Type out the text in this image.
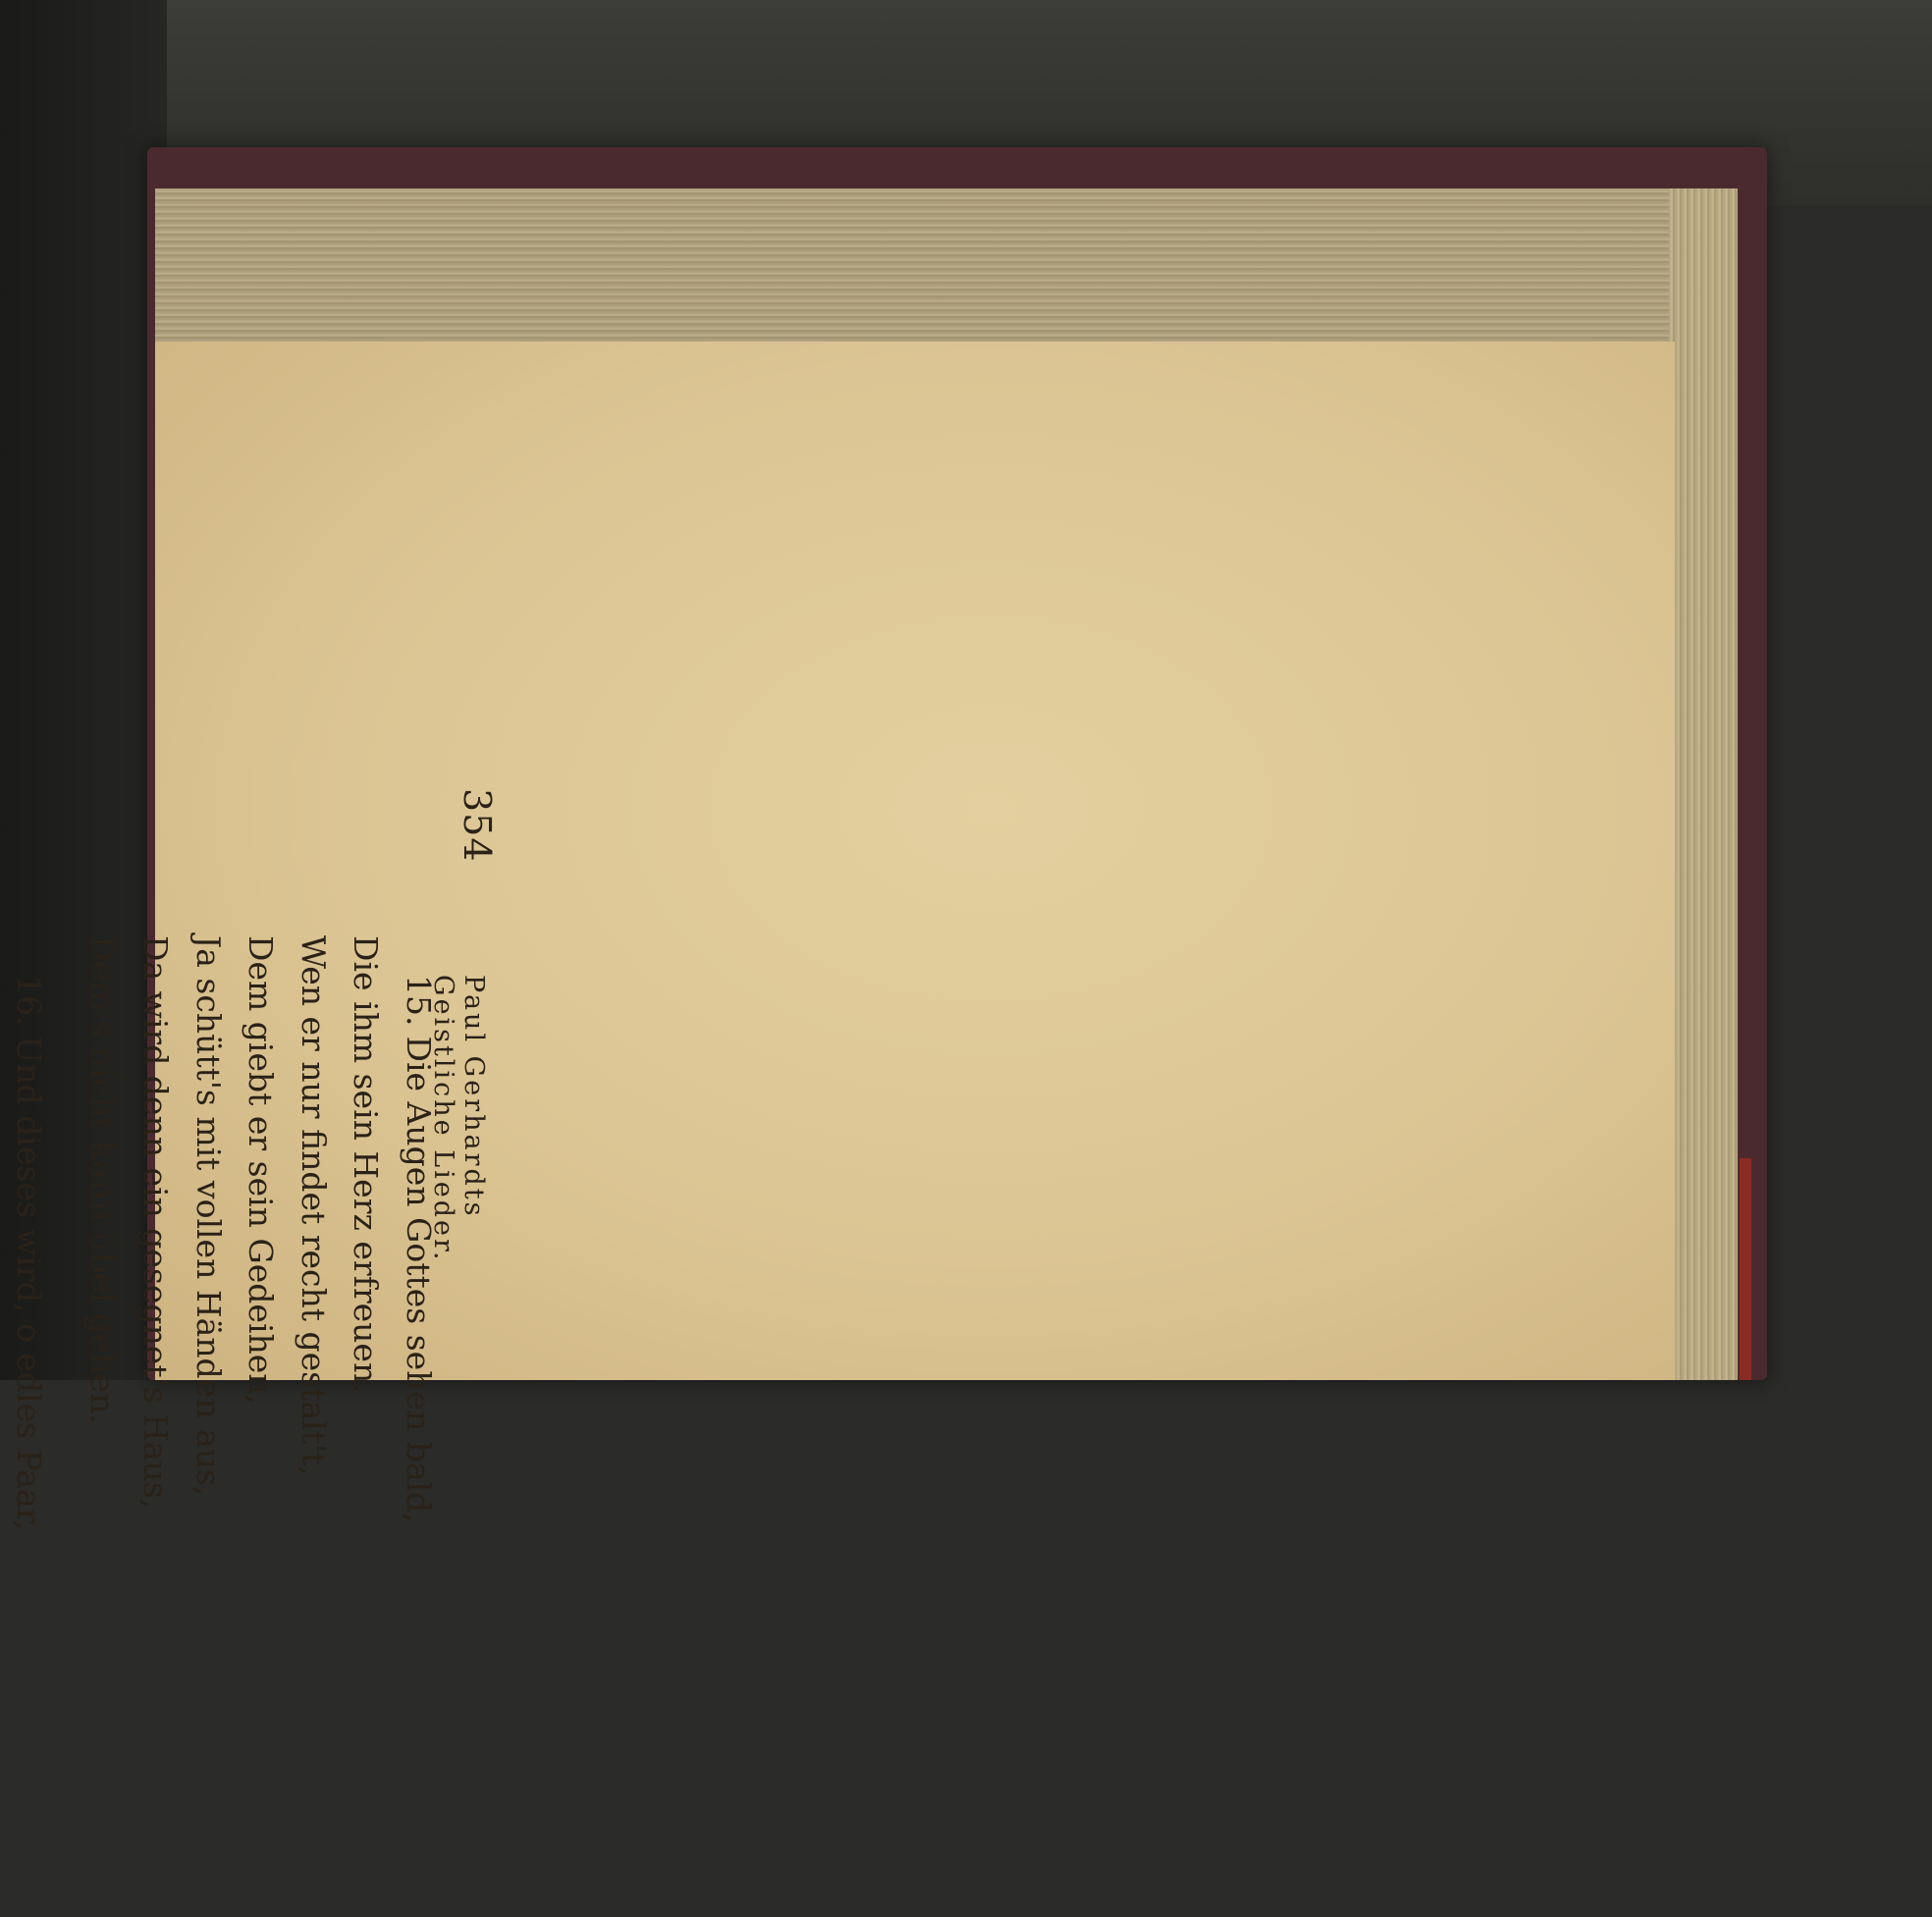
354
Paul Gerhardts Geistliche Lieder.
15.Die Augen Gottes sehen bald,
Die ihm sein Herz erfreuen.
Wen er nur findet recht gestalt't,
Dem giebt er sein Gedeihen,
Ja schütt's mit vollen Händen aus,
Da wird denn ein gesegnet's Haus,
Dem's nicht kann übel gehen.
16.Und dieses wird, o edles Paar,
